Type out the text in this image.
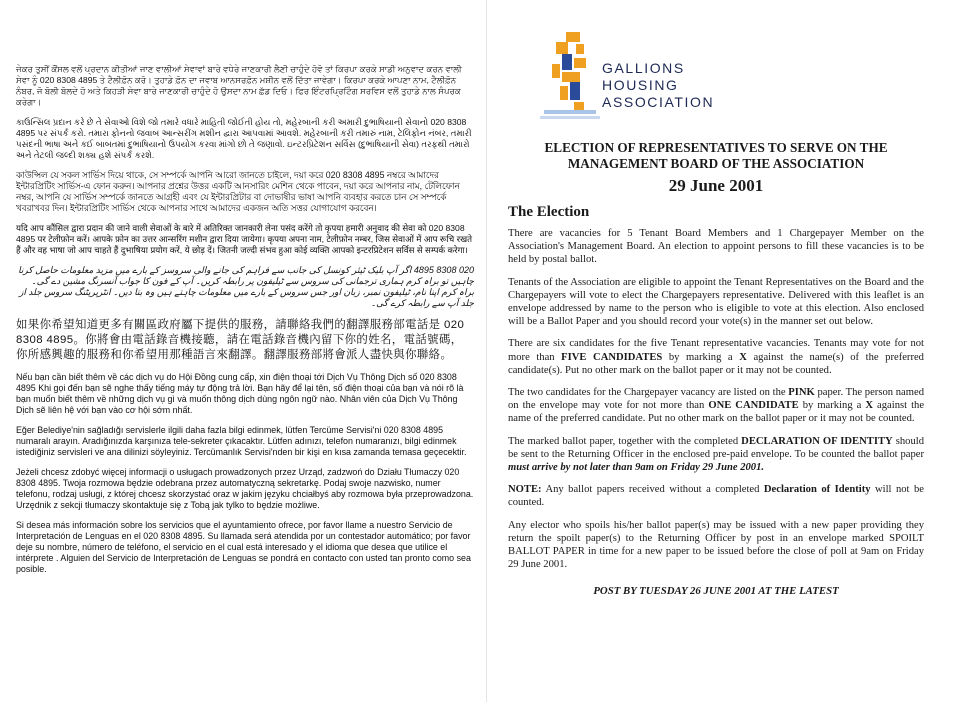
ਜੇਕਰ ਤੁਸੀਂ ਕੌਂਸਲ ਵਲੋਂ ਪ੍ਰਦਾਨ ਕੀਤੀਆਂ ਜਾਣ ਵਾਲੀਆਂ ਸੇਵਾਵਾਂ ਬਾਰੇ ਵਧੇਰੇ ਜਾਣਕਾਰੀ ਲੈਣੀ ਚਾਹੁੰਦੇ ਹੋਵੋ ਤਾਂ ਕਿਰਪਾ ਕਰਕੇ ਸਾਡੀ ਅਨੁਵਾਦ ਕਰਨ ਵਾਲੀ ਸੇਵਾ ਨੂੰ 020 8308 4895 ਤੇ ਟੈਲੀਫ਼ੋਨ ਕਰੋ। ਤੁਹਾਡੇ ਫ਼ੋਨ ਦਾ ਜਵਾਬ ਆਨਸਰਫ਼ੋਨ ਮਸ਼ੀਨ ਵਲੋਂ ਦਿੱਤਾ ਜਾਵੇਗਾ। ਕਿਰਪਾ ਕਰਕੇ ਆਪਣਾ ਨਾਮ, ਟੈਲੀਫ਼ੋਨ ਨੰਬਰ, ਜੋ ਬੋਲੀ ਬੋਲਦੇ ਹੋ ਅਤੇ ਕਿਹੜੀ ਸੇਵਾ ਬਾਰੇ ਜਾਣਕਾਰੀ ਚਾਹੁੰਦੇ ਹੋ ਉਸਦਾ ਨਾਮ ਛੱਡ ਦਿਓ। ਫਿਰ ਇੰਟਰਪ੍ਰਿਟਿੰਗ ਸਰਵਿਸ ਵਲੋਂ ਤੁਹਾਡੇ ਨਾਲ ਸੰਪਰਕ ਕਰੇਗਾ।

કાઉન્સિલ પ્રદાન કરે છે તે સેવાઓ વિશે જો તમારે વધારે માહિતી જોઈતી હોય તો, મહેરબાની કરી અમારી દુભાષિયાની સેવાનો 020 8308 4895 પર સંપર્ક કરો. તમારા ફોનનો જવાબ આન્સરીંગ મશીન દ્વારા આપવામાં આવશે. મહેરબાની કરી તમારું નામ, ટેલિફોન નંબર, તમારી પસંદની ભાષા અને કઈ બાબતમાં દુભાષિયાનો ઉપયોગ કરવા માંગો છો તે જણાવો. ઇન્ટરપ્રિટેશન સર્વિસ (દુભાષિયાની સેવા) તરફથી તમારો અને તેટલી જલ્દી શક્ય હશે સંપર્ક કરશે.

কাউন্সিল যে সকল সার্ভিস দিয়ে থাকে, সে সম্পর্কে আপনি আরো জানতে চাইলে, দয়া করে 020 8308 4895 নম্বরে আমাদের ইন্টারপ্রিটিং সার্ভিস-এ ফোন করুন। আপনার প্রশ্নের উত্তর একটি আনসারিং মেশিন থেকে পাবেন, দয়া করে আপনার নাম, টেলিফোন নম্বর, আপনি যে সার্ভিস সম্পর্কে জানতে আগ্রহী এবং যে ইন্টারপ্রিটার বা দোভাষীর ভাষা আপনি ব্যবহার করতে চান সে সম্পর্কে খবরাখবর দিন। ইন্টারপ্রিটিং সার্ভিস থেকে আপনার সাথে আমাদের একজন অতি সত্তর যোগাযোগ করবেন।

यदि आप कौंसिल द्वारा प्रदान की जाने वाली सेवाओं के बारे में अतिरिक्त जानकारी लेना पसंद करेंगे तो कृपया हमारी अनुवाद की सेवा को 020 8308 4895 पर टेलीफ़ोन करें। आपके फ़ोन का उत्तर आन्सरिंग मशीन द्वारा दिया जायेगा। कृपया अपना नाम, टेलीफ़ोन नम्बर, जिस सेवाओं में आप रूचि रखते हैं और वह भाषा जो आप चाहते हैं दुभाषिया प्रयोग करें, ये छोड़ दें। जितनी जल्दी संभव हुआ कोई व्यक्ति आपको इन्टरप्रिटेशन सर्विस से सम्पर्क करेगा।

020 8308 4895 اگر آپ بلیک ٹیئر کونسل کی جانب سے فراہم کی جانے والی سروسز کے بارے میں مزید معلومات حاصل کرنا چاہیں تو براہ کرم ہماری ترجمانی کی سروس سے ٹیلیفون پر رابطہ کریں۔ آپ کے فون کا جواب آنسرنگ مشین دے گی۔ براہ کرم اپنا نام، ٹیلیفون نمبر، زبان اور جس سروس کے بارے میں معلومات چاہتے ہیں وہ بتا دیں۔ انٹرپریٹنگ سروس جلد از جلد آپ سے رابطہ کرے گی۔

如果你希望知道更多有關區政府屬下提供的服務，請聯絡我們的翻譯服務部電話是 020 8308 4895。你將會由電話錄音機接聽，請在電話錄音機內留下你的姓名，電話號碼，你所感興趣的服務和你希望用那種語言來翻譯。翻譯服務部將會派人盡快與你聯絡。

Nếu bạn cần biết thêm về các dịch vụ do Hội Đồng cung cấp, xin điện thoại tới Dịch Vụ Thông Dịch số 020 8308 4895 Khi gọi đến bạn sẽ nghe thấy tiếng máy tự động trả lời. Bạn hãy để lại tên, số điện thoại của bạn và nói rõ là bạn muốn biết thêm về những dịch vụ gì và muốn thông dịch dùng ngôn ngữ nào. Nhân viên của Dịch Vụ Thông Dịch sẽ liên hệ với bạn vào cơ hội sớm nhất.

Eğer Belediye'nin sağladığı servislerle ilgili daha fazla bilgi edinmek, lütfen Tercüme Servisi'ni 020 8308 4895 numaralı arayın. Aradığınızda karşınıza tele-sekreter çıkacaktır. Lütfen adınızı, telefon numaranızı, bilgi edinmek istediğiniz servisleri ve ana dilinizi söyleyiniz. Tercümanlık Servisi'nden bir kişi en kısa zamanda temasa geçecektir.

Jeżeli chcesz zdobyć więcej informacji o usługach prowadzonych przez Urząd, zadzwoń do Działu Tłumaczy 020 8308 4895. Twoja rozmowa będzie odebrana przez automatyczną sekretarkę. Podaj swoje nazwisko, numer telefonu, rodzaj usługi, z której chcesz skorzystać oraz w jakim języku chciałbyś aby rozmowa była przeprowadzona. Urzędnik z sekcji tłumaczy skontaktuje się z Tobą jak tylko to będzie możliwe.

Si desea más información sobre los servicios que el ayuntamiento ofrece, por favor llame a nuestro Servicio de Interpretación de Lenguas en el 020 8308 4895. Su llamada será atendida por un contestador automático; por favor deje su nombre, número de teléfono, el servicio en el cual está interesado y el idioma que desea que utilice el intérprete . Alguien del Servicio de Interpretación de Lenguas se pondrá en contacto con usted tan pronto como sea posible.

GALLIONS
HOUSING
ASSOCIATION
ELECTION OF REPRESENTATIVES TO SERVE ON THE MANAGEMENT BOARD OF THE ASSOCIATION
29 June 2001
The Election

There are vacancies for 5 Tenant Board Members and 1 Chargepayer Member on the Association's Management Board. An election to appoint persons to fill these vacancies is to be held by postal ballot.

Tenants of the Association are eligible to appoint the Tenant Representatives on the Board and the Chargepayers will vote to elect the Chargepayers representative. Delivered with this leaflet is an envelope addressed by name to the person who is eligible to vote at this election. Also enclosed will be a Ballot Paper and you should record your vote(s) in the manner set out below.

There are six candidates for the five Tenant representative vacancies. Tenants may vote for not more than FIVE CANDIDATES by marking a X against the name(s) of the preferred candidate(s). Put no other mark on the ballot paper or it may not be counted.

The two candidates for the Chargepayer vacancy are listed on the PINK paper. The person named on the envelope may vote for not more than ONE CANDIDATE by marking a X against the name of the preferred candidate. Put no other mark on the ballot paper or it may not be counted.

The marked ballot paper, together with the completed DECLARATION OF IDENTITY should be sent to the Returning Officer in the enclosed pre-paid envelope. To be counted the ballot paper must arrive by not later than 9am on Friday 29 June 2001.

NOTE: Any ballot papers received without a completed Declaration of Identity will not be counted.

Any elector who spoils his/her ballot paper(s) may be issued with a new paper providing they return the spoilt paper(s) to the Returning Officer by post in an envelope marked SPOILT BALLOT PAPER in time for a new paper to be issued before the close of poll at 9am on Friday 29 June 2001.

POST BY TUESDAY 26 JUNE 2001 AT THE LATEST
